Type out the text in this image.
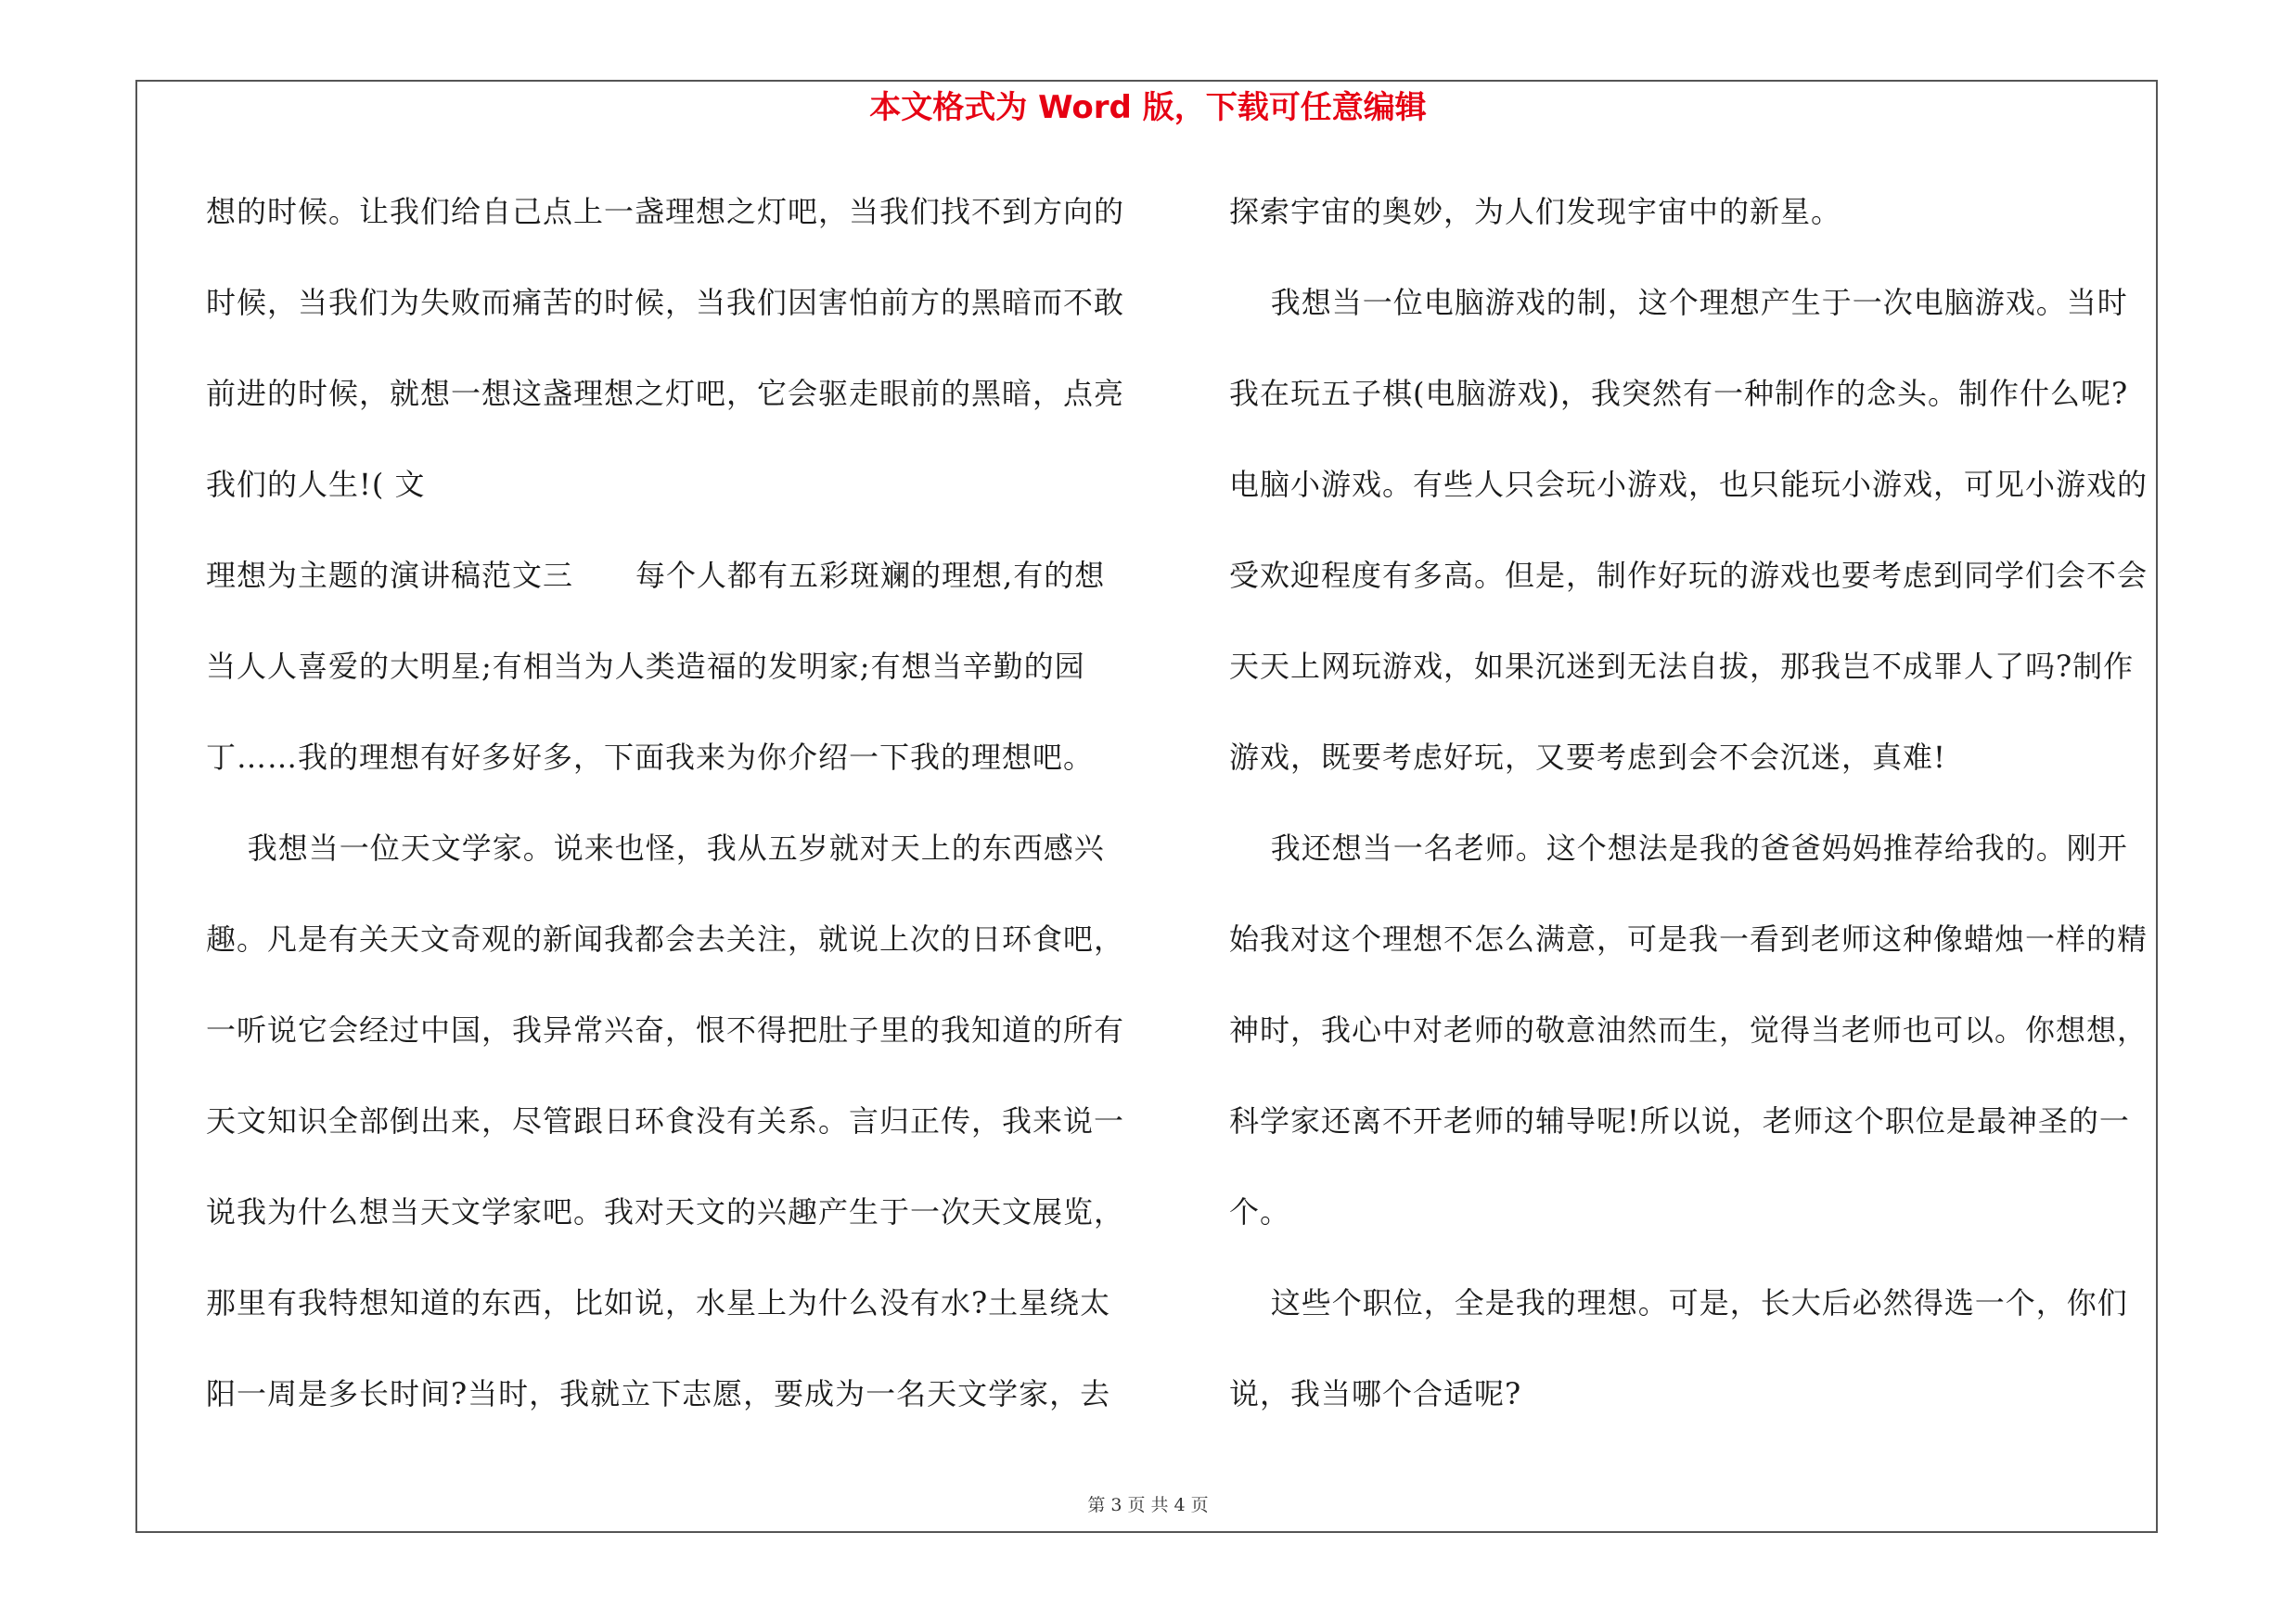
本文格式为 Word 版，下载可任意编辑
想的时候。让我们给自己点上一盏理想之灯吧，当我们找不到方向的
时候，当我们为失败而痛苦的时候，当我们因害怕前方的黑暗而不敢
前进的时候，就想一想这盏理想之灯吧，它会驱走眼前的黑暗，点亮
我们的人生!( 文
理想为主题的演讲稿范文三      每个人都有五彩斑斓的理想,有的想
当人人喜爱的大明星;有相当为人类造福的发明家;有想当辛勤的园
丁……我的理想有好多好多，下面我来为你介绍一下我的理想吧。
我想当一位天文学家。说来也怪，我从五岁就对天上的东西感兴
趣。凡是有关天文奇观的新闻我都会去关注，就说上次的日环食吧，
一听说它会经过中国，我异常兴奋，恨不得把肚子里的我知道的所有
天文知识全部倒出来，尽管跟日环食没有关系。言归正传，我来说一
说我为什么想当天文学家吧。我对天文的兴趣产生于一次天文展览，
那里有我特想知道的东西，比如说，水星上为什么没有水?土星绕太
阳一周是多长时间?当时，我就立下志愿，要成为一名天文学家，去
探索宇宙的奥妙，为人们发现宇宙中的新星。
我想当一位电脑游戏的制，这个理想产生于一次电脑游戏。当时
我在玩五子棋(电脑游戏)，我突然有一种制作的念头。制作什么呢?
电脑小游戏。有些人只会玩小游戏，也只能玩小游戏，可见小游戏的
受欢迎程度有多高。但是，制作好玩的游戏也要考虑到同学们会不会
天天上网玩游戏，如果沉迷到无法自拔，那我岂不成罪人了吗?制作
游戏，既要考虑好玩，又要考虑到会不会沉迷，真难!
我还想当一名老师。这个想法是我的爸爸妈妈推荐给我的。刚开
始我对这个理想不怎么满意，可是我一看到老师这种像蜡烛一样的精
神时，我心中对老师的敬意油然而生，觉得当老师也可以。你想想，
科学家还离不开老师的辅导呢!所以说，老师这个职位是最神圣的一
个。
这些个职位，全是我的理想。可是，长大后必然得选一个，你们
说，我当哪个合适呢?
第 3 页 共 4 页
